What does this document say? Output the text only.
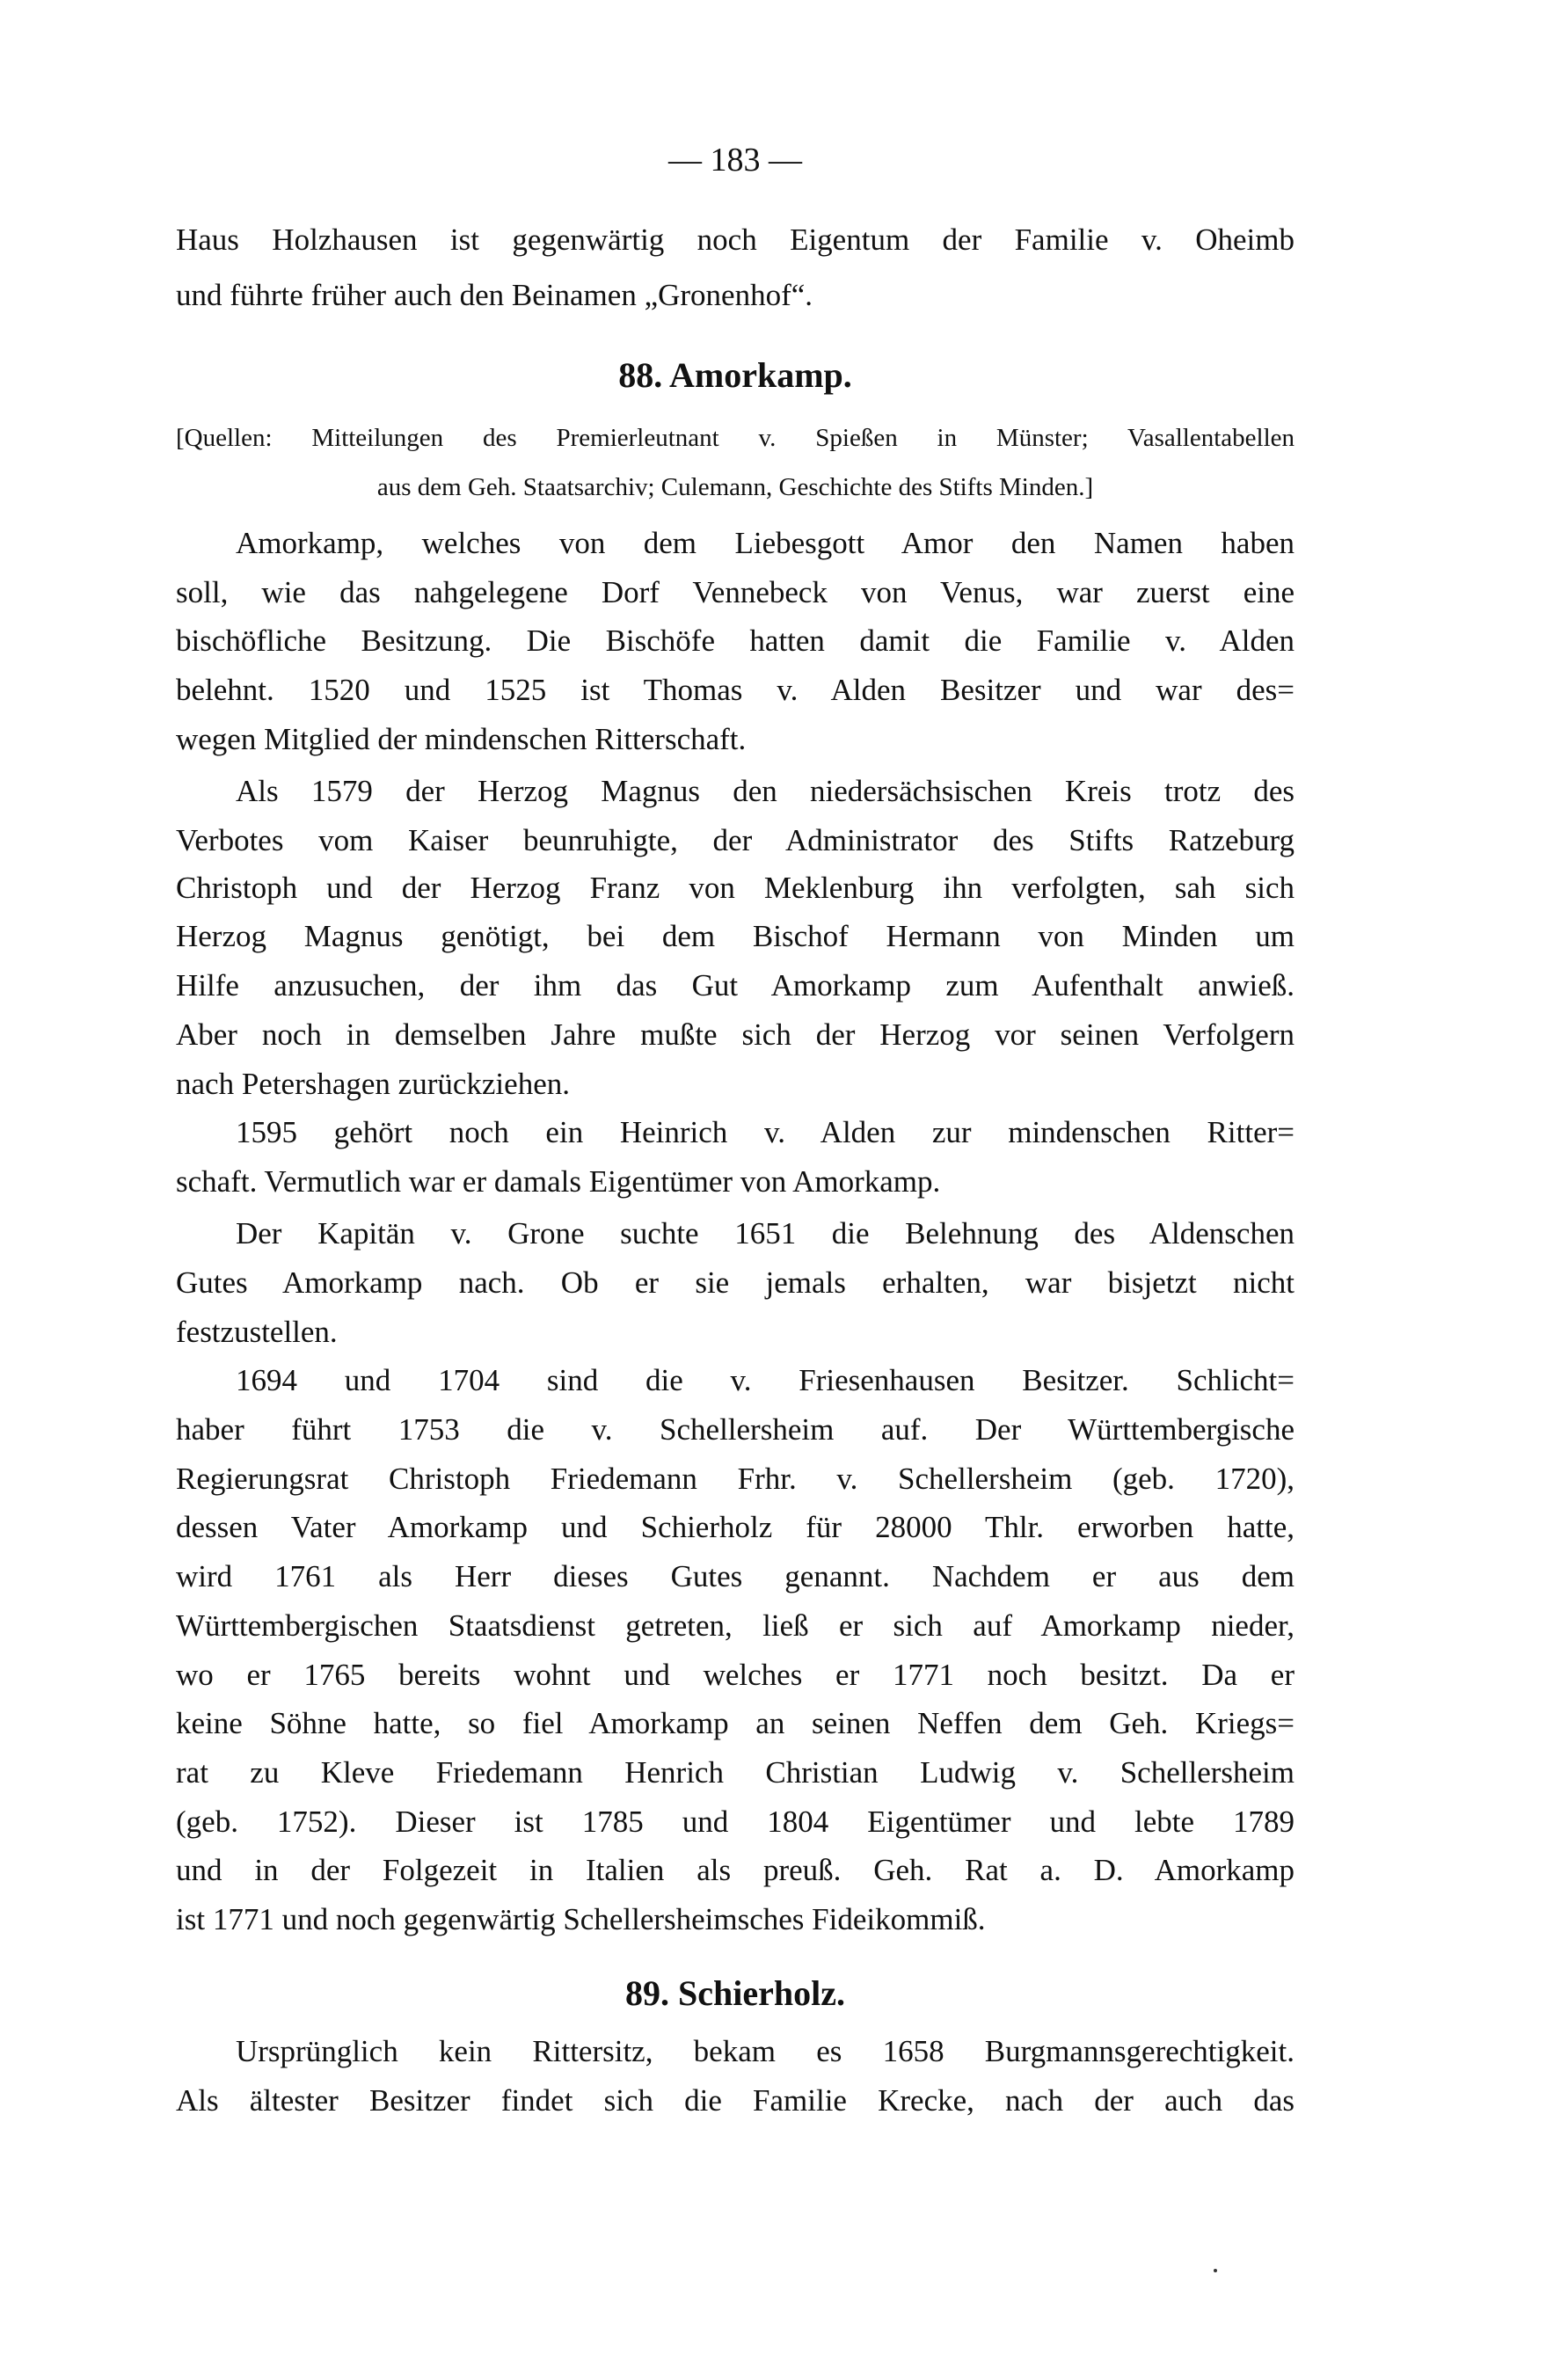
— 183 —
Haus Holzhausen ist gegenwärtig noch Eigentum der Familie v. Oheimb
und führte früher auch den Beinamen „Gronenhof“.
88. Amorkamp.
[Quellen: Mitteilungen des Premierleutnant v. Spießen in Münster; Vasallentabellen
aus dem Geh. Staatsarchiv; Culemann, Geschichte des Stifts Minden.]
89. Schierholz.
Amorkamp, welches von dem Liebesgott Amor den Namen haben
soll, wie das nahgelegene Dorf Vennebeck von Venus, war zuerst eine
bischöfliche Besitzung. Die Bischöfe hatten damit die Familie v. Alden
belehnt. 1520 und 1525 ist Thomas v. Alden Besitzer und war des=
wegen Mitglied der mindenschen Ritterschaft.
Als 1579 der Herzog Magnus den niedersächsischen Kreis trotz des
Verbotes vom Kaiser beunruhigte, der Administrator des Stifts Ratzeburg
Christoph und der Herzog Franz von Meklenburg ihn verfolgten, sah sich
Herzog Magnus genötigt, bei dem Bischof Hermann von Minden um
Hilfe anzusuchen, der ihm das Gut Amorkamp zum Aufenthalt anwieß.
Aber noch in demselben Jahre mußte sich der Herzog vor seinen Verfolgern
nach Petershagen zurückziehen.
1595 gehört noch ein Heinrich v. Alden zur mindenschen Ritter=
schaft. Vermutlich war er damals Eigentümer von Amorkamp.
Der Kapitän v. Grone suchte 1651 die Belehnung des Aldenschen
Gutes Amorkamp nach. Ob er sie jemals erhalten, war bisjetzt nicht
festzustellen.
1694 und 1704 sind die v. Friesenhausen Besitzer. Schlicht=
haber führt 1753 die v. Schellersheim auf. Der Württembergische
Regierungsrat Christoph Friedemann Frhr. v. Schellersheim (geb. 1720),
dessen Vater Amorkamp und Schierholz für 28000 Thlr. erworben hatte,
wird 1761 als Herr dieses Gutes genannt. Nachdem er aus dem
Württembergischen Staatsdienst getreten, ließ er sich auf Amorkamp nieder,
wo er 1765 bereits wohnt und welches er 1771 noch besitzt. Da er
keine Söhne hatte, so fiel Amorkamp an seinen Neffen dem Geh. Kriegs=
rat zu Kleve Friedemann Henrich Christian Ludwig v. Schellersheim
(geb. 1752). Dieser ist 1785 und 1804 Eigentümer und lebte 1789
und in der Folgezeit in Italien als preuß. Geh. Rat a. D. Amorkamp
ist 1771 und noch gegenwärtig Schellersheimsches Fideikommiß.
Ursprünglich kein Rittersitz, bekam es 1658 Burgmannsgerechtigkeit.
Als ältester Besitzer findet sich die Familie Krecke, nach der auch das
